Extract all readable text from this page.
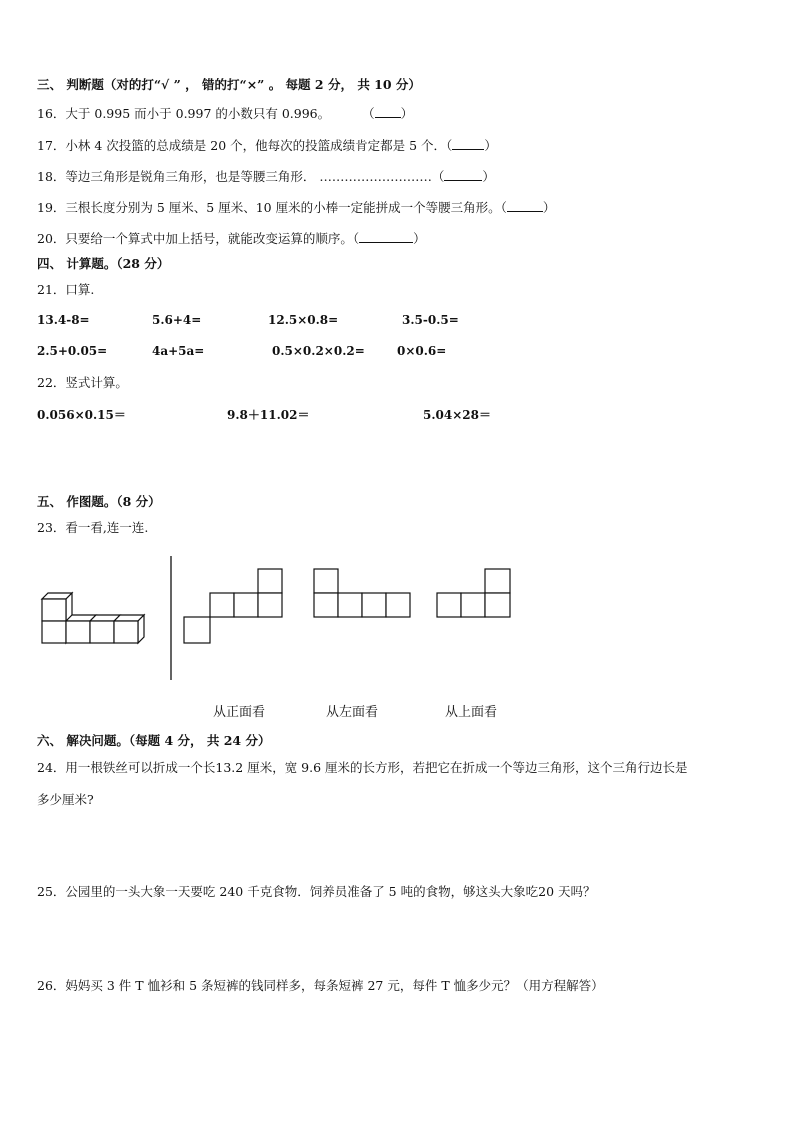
三、 判断题（对的打“√ ” ， 错的打“×” 。 每题 2 分， 共 10 分）
16．大于 0.995 而小于 0.997 的小数只有 0.996。	（ ）
17．小林 4 次投篮的总成绩是 20 个，他每次的投篮成绩肯定都是 5 个．（	）
18．等边三角形是锐角三角形，也是等腰三角形． ………………………（	）
19．三根长度分别为 5 厘米、5 厘米、10 厘米的小棒一定能拼成一个等腰三角形。（	）
20．只要给一个算式中加上括号，就能改变运算的顺序。（	）
四、 计算题。（28 分）
21．口算.
13.4-8=	5.6+4=	12.5×0.8=	3.5-0.5=
2.5+0.05=	4a+5a=	0.5×0.2×0.2=	0×0.6=
22．竖式计算。
0.056×0.15＝	9.8＋11.02＝	5.04×28＝
五、 作图题。（8 分）
23．看一看,连一连.
从正面看	从左面看	从上面看
六、 解决问题。（每题 4 分， 共 24 分）
24．用一根铁丝可以折成一个长13.2 厘米，宽 9.6 厘米的长方形，若把它在折成一个等边三角形，这个三角行边长是
多少厘米?
25．公园里的一头大象一天要吃 240 千克食物．饲养员准备了 5 吨的食物，够这头大象吃20 天吗？
26．妈妈买 3 件 T 恤衫和 5 条短裤的钱同样多，每条短裤 27 元，每件 T 恤多少元？（用方程解答）
